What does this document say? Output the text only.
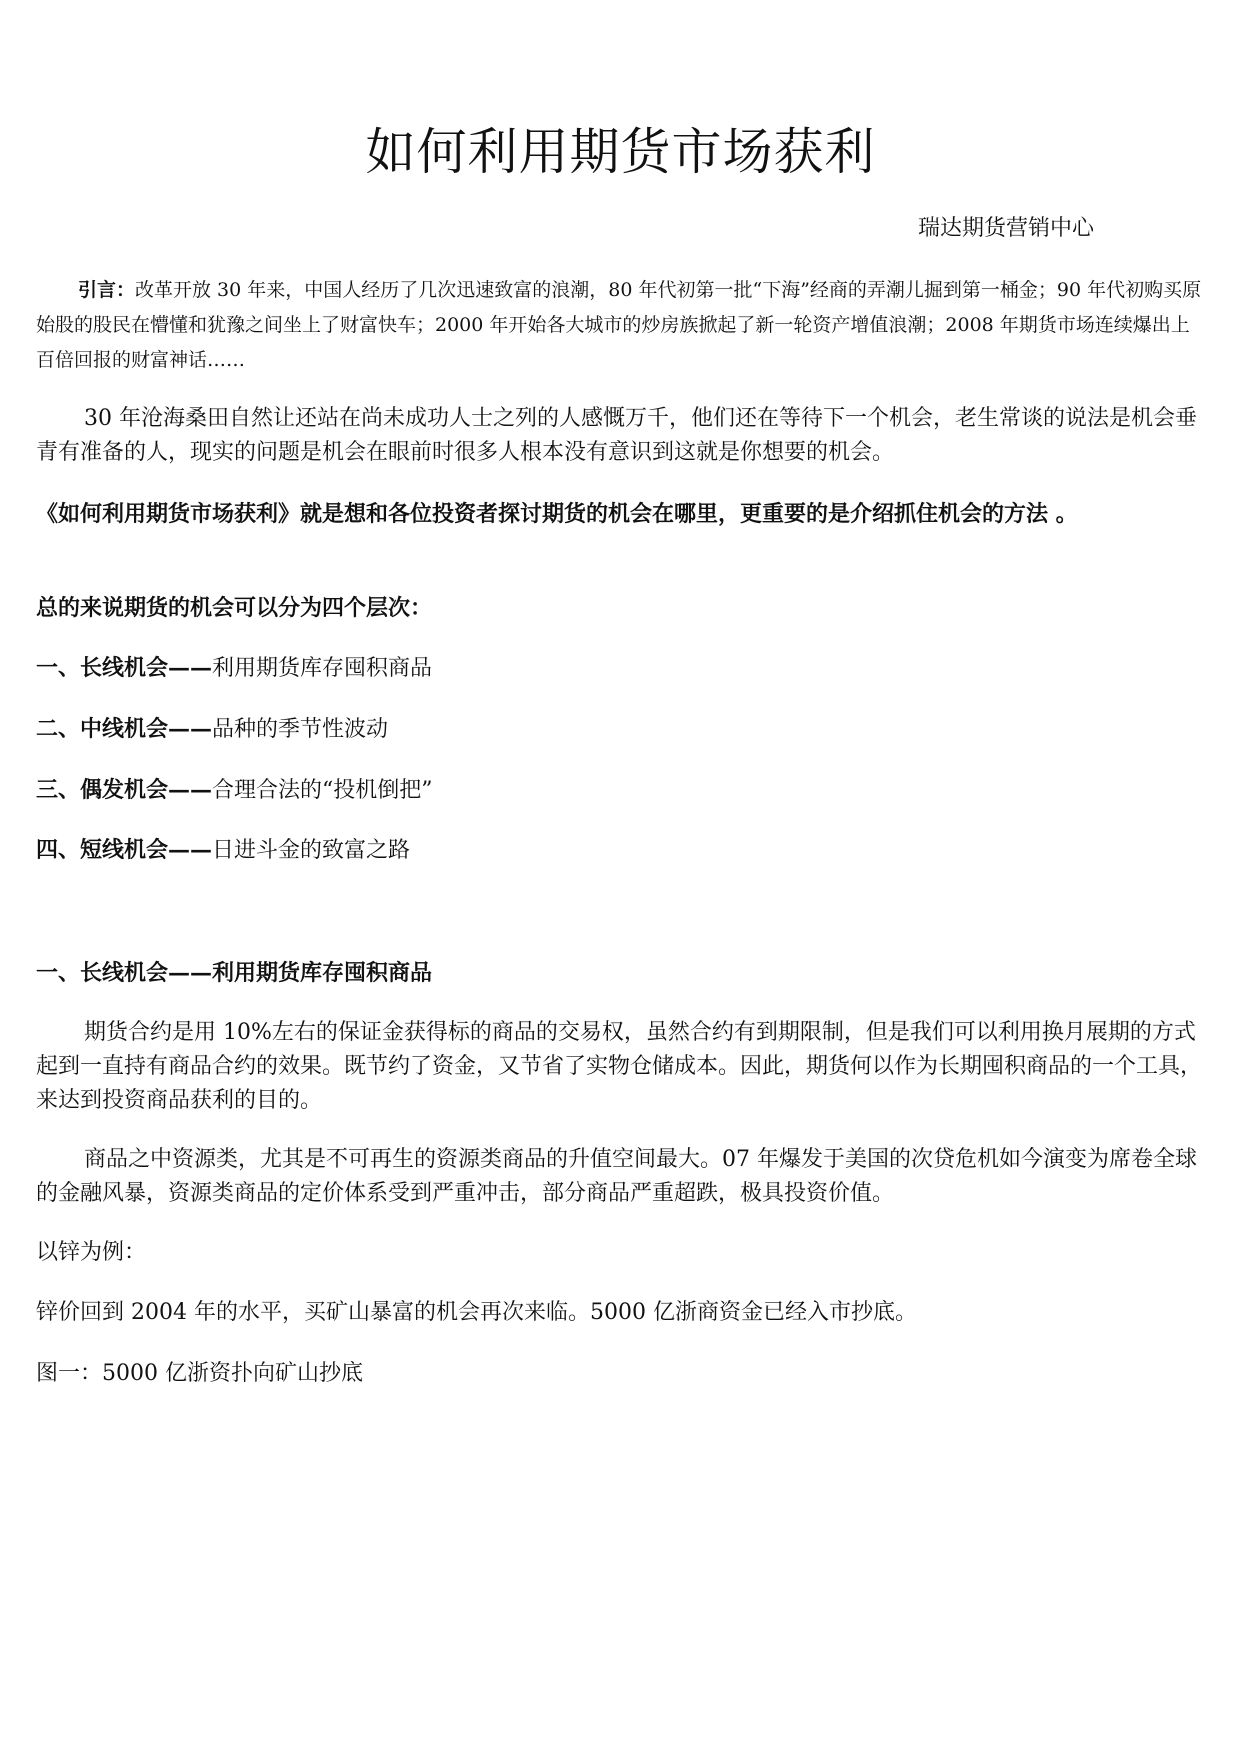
如何利用期货市场获利
瑞达期货营销中心

引言：改革开放 30 年来，中国人经历了几次迅速致富的浪潮，80 年代初第一批“下海”经商的弄潮儿掘到第一桶金；90 年代初购买原始股的股民在懵懂和犹豫之间坐上了财富快车；2000 年开始各大城市的炒房族掀起了新一轮资产增值浪潮；2008 年期货市场连续爆出上百倍回报的财富神话……

30 年沧海桑田自然让还站在尚未成功人士之列的人感慨万千，他们还在等待下一个机会，老生常谈的说法是机会垂青有准备的人，现实的问题是机会在眼前时很多人根本没有意识到这就是你想要的机会。

《如何利用期货市场获利》就是想和各位投资者探讨期货的机会在哪里，更重要的是介绍抓住机会的方法 。

总的来说期货的机会可以分为四个层次：

一、长线机会——利用期货库存囤积商品

二、中线机会——品种的季节性波动

三、偶发机会——合理合法的“投机倒把”

四、短线机会——日进斗金的致富之路

一、长线机会——利用期货库存囤积商品

期货合约是用 10%左右的保证金获得标的商品的交易权，虽然合约有到期限制，但是我们可以利用换月展期的方式起到一直持有商品合约的效果。既节约了资金，又节省了实物仓储成本。因此，期货何以作为长期囤积商品的一个工具，来达到投资商品获利的目的。

商品之中资源类，尤其是不可再生的资源类商品的升值空间最大。07 年爆发于美国的次贷危机如今演变为席卷全球的金融风暴，资源类商品的定价体系受到严重冲击，部分商品严重超跌，极具投资价值。

以锌为例：

锌价回到 2004 年的水平，买矿山暴富的机会再次来临。5000 亿浙商资金已经入市抄底。

图一：5000 亿浙资扑向矿山抄底
